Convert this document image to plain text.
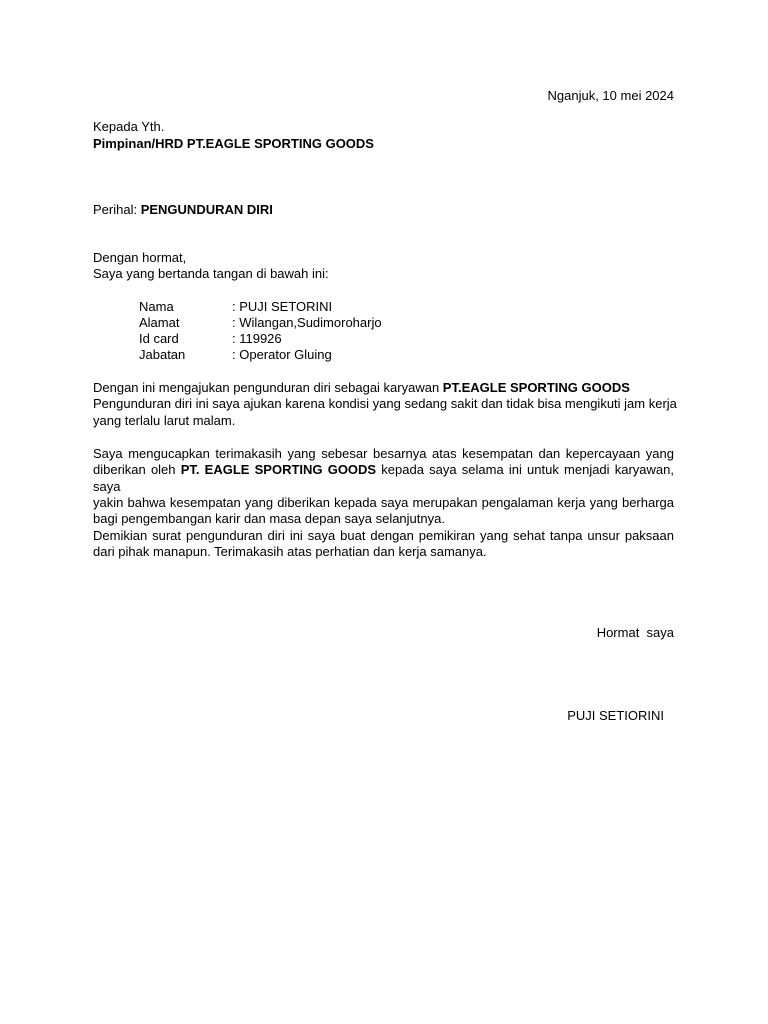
Nganjuk, 10 mei 2024
Kepada Yth.
Pimpinan/HRD PT.EAGLE SPORTING GOODS
Perihal: PENGUNDURAN DIRI
Dengan hormat,
Saya yang bertanda tangan di bawah ini:
Nama	: PUJI SETORINI
Alamat	: Wilangan,Sudimoroharjo
Id card	: 119926
Jabatan	: Operator Gluing
Dengan ini mengajukan pengunduran diri sebagai karyawan PT.EAGLE SPORTING GOODS
Pengunduran diri ini saya ajukan karena kondisi yang sedang sakit dan tidak bisa mengikuti jam kerja
yang terlalu larut malam.
Saya mengucapkan terimakasih yang sebesar besarnya atas kesempatan dan kepercayaan yang
diberikan oleh PT. EAGLE SPORTING GOODS kepada saya selama ini untuk menjadi karyawan, saya
yakin bahwa kesempatan yang diberikan kepada saya merupakan pengalaman kerja yang berharga
bagi pengembangan karir dan masa depan saya selanjutnya.
Demikian surat pengunduran diri ini saya buat dengan pemikiran yang sehat tanpa unsur paksaan
dari pihak manapun. Terimakasih atas perhatian dan kerja samanya.
Hormat  saya
PUJI SETIORINI
